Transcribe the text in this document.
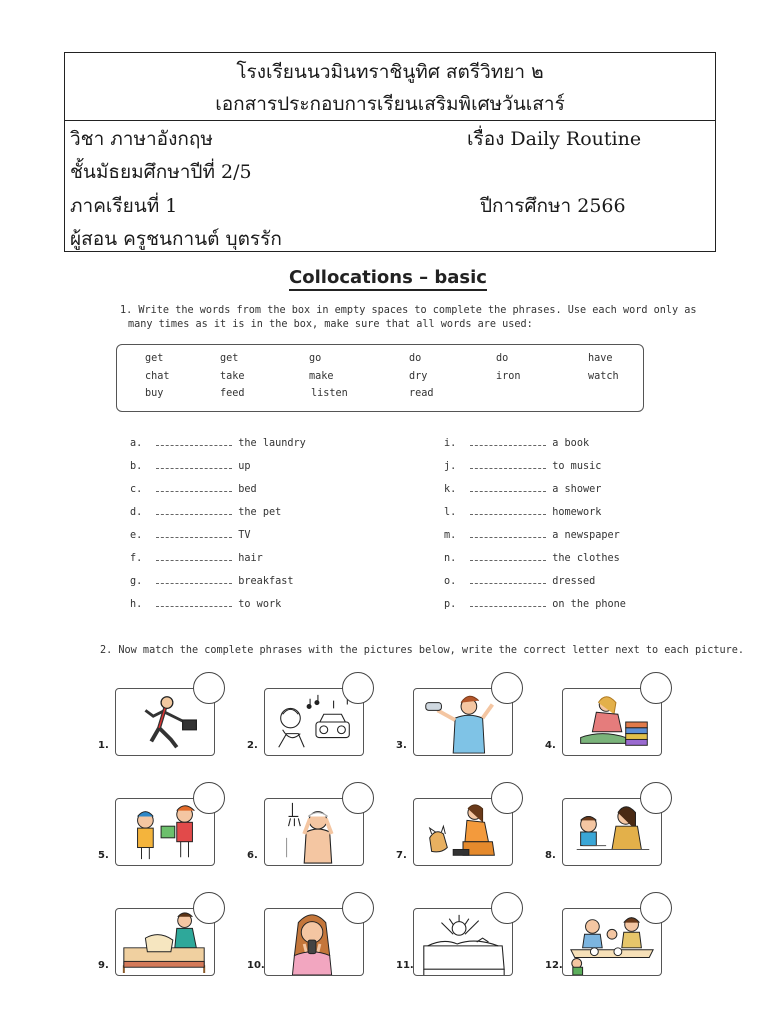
โรงเรียนนวมินทราชินูทิศ สตรีวิทยา ๒
เอกสารประกอบการเรียนเสริมพิเศษวันเสาร์
วิชา ภาษาอังกฤษ	เรื่อง Daily Routine
ชั้นมัธยมศึกษาปีที่ 2/5
ภาคเรียนที่ 1	ปีการศึกษา 2566
ผู้สอน ครูชนกานต์ บุตรรัก
Collocations – basic
1. Write the words from the box in empty spaces to complete the phrases. Use each word only as
many times as it is in the box, make sure that all words are used:
get	get	go	do	do	have
chat	take	make	dry	iron	watch
buy	feed	listen	read
a.	the laundry
b.	up
c.	bed
d.	the pet
e.	TV
f.	hair
g.	breakfast
h.	to work
i.	a book
j.	to music
k.	a shower
l.	homework
m.	a newspaper
n.	the clothes
o.	dressed
p.	on the phone
2. Now match the complete phrases with the pictures below, write the correct letter next to each picture.
1.	2.	3.	4.
5.	6.	7.	8.
9.	10.	11.	12.
